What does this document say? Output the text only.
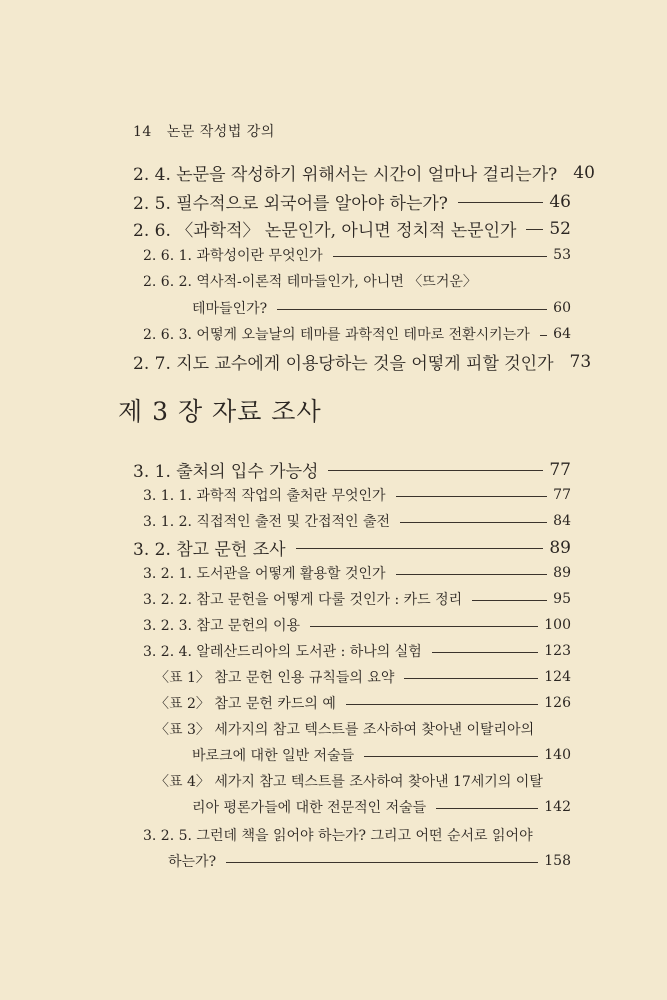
14 논문 작성법 강의
2. 4. 논문을 작성하기 위해서는 시간이 얼마나 걸리는가? 40
2. 5. 필수적으로 외국어를 알아야 하는가?	46
2. 6. 〈과학적〉 논문인가, 아니면 정치적 논문인가 52
2. 6. 1. 과학성이란 무엇인가	53
2. 6. 2. 역사적-이론적 테마들인가, 아니면 〈뜨거운〉
테마들인가?	60
2. 6. 3. 어떻게 오늘날의 테마를 과학적인 테마로 전환시키는가 64
2. 7. 지도 교수에게 이용당하는 것을 어떻게 피할 것인가 73
제 3 장 자료 조사
3. 1. 출처의 입수 가능성	77
3. 1. 1. 과학적 작업의 출처란 무엇인가	77
3. 1. 2. 직접적인 출전 및 간접적인 출전	84
3. 2. 참고 문헌 조사	89
3. 2. 1. 도서관을 어떻게 활용할 것인가	89
3. 2. 2. 참고 문헌을 어떻게 다룰 것인가 : 카드 정리	95
3. 2. 3. 참고 문헌의 이용	100
3. 2. 4. 알레산드리아의 도서관 : 하나의 실험	123
〈표 1〉 참고 문헌 인용 규칙들의 요약	124
〈표 2〉 참고 문헌 카드의 예	126
〈표 3〉 세가지의 참고 텍스트를 조사하여 찾아낸 이탈리아의
바로크에 대한 일반 저술들	140
〈표 4〉 세가지 참고 텍스트를 조사하여 찾아낸 17세기의 이탈
리아 평론가들에 대한 전문적인 저술들	142
3. 2. 5. 그런데 책을 읽어야 하는가? 그리고 어떤 순서로 읽어야
하는가?	158
